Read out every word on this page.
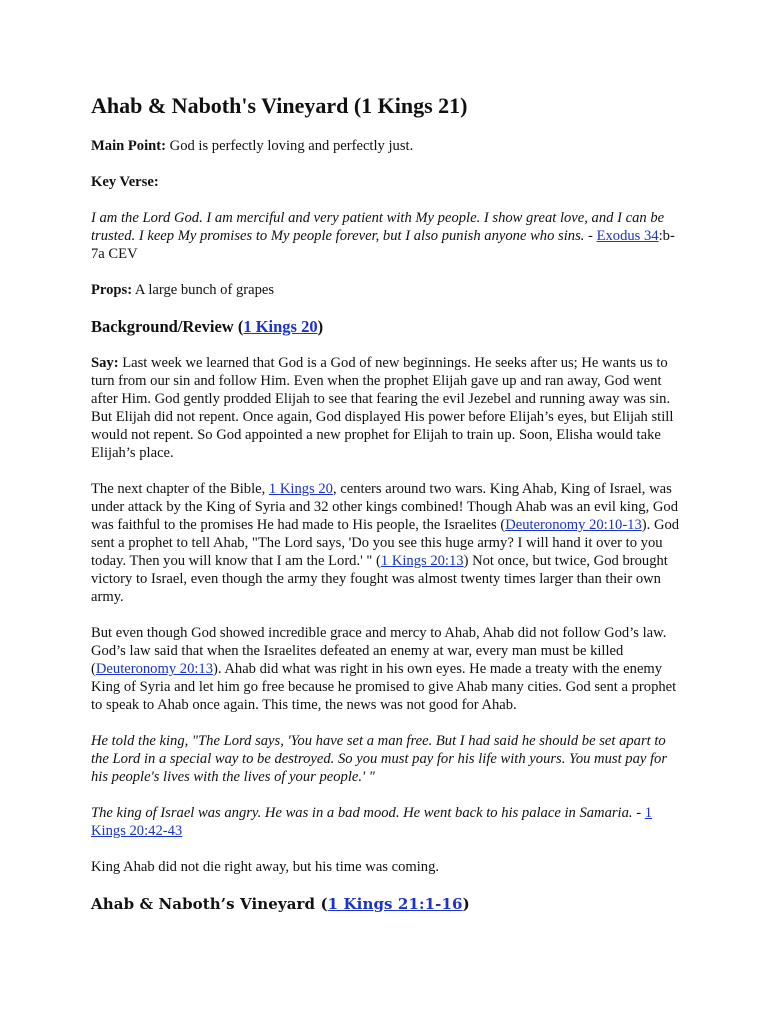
Ahab & Naboth's Vineyard (1 Kings 21)

Main Point: God is perfectly loving and perfectly just.

Key Verse:

I am the Lord God. I am merciful and very patient with My people. I show great love, and I can be trusted. I keep My promises to My people forever, but I also punish anyone who sins. - Exodus 34:b-7a CEV

Props: A large bunch of grapes

Background/Review (1 Kings 20)

Say: Last week we learned that God is a God of new beginnings. He seeks after us; He wants us to turn from our sin and follow Him. Even when the prophet Elijah gave up and ran away, God went after Him. God gently prodded Elijah to see that fearing the evil Jezebel and running away was sin. But Elijah did not repent. Once again, God displayed His power before Elijah’s eyes, but Elijah still would not repent. So God appointed a new prophet for Elijah to train up. Soon, Elisha would take Elijah’s place.

The next chapter of the Bible, 1 Kings 20, centers around two wars. King Ahab, King of Israel, was under attack by the King of Syria and 32 other kings combined! Though Ahab was an evil king, God was faithful to the promises He had made to His people, the Israelites (Deuteronomy 20:10-13). God sent a prophet to tell Ahab, "The Lord says, 'Do you see this huge army? I will hand it over to you today. Then you will know that I am the Lord.' " (1 Kings 20:13) Not once, but twice, God brought victory to Israel, even though the army they fought was almost twenty times larger than their own army.

But even though God showed incredible grace and mercy to Ahab, Ahab did not follow God’s law. God’s law said that when the Israelites defeated an enemy at war, every man must be killed (Deuteronomy 20:13). Ahab did what was right in his own eyes. He made a treaty with the enemy King of Syria and let him go free because he promised to give Ahab many cities. God sent a prophet to speak to Ahab once again. This time, the news was not good for Ahab.

He told the king, "The Lord says, 'You have set a man free. But I had said he should be set apart to the Lord in a special way to be destroyed. So you must pay for his life with yours. You must pay for his people's lives with the lives of your people.' "

The king of Israel was angry. He was in a bad mood. He went back to his palace in Samaria. - 1 Kings 20:42-43

King Ahab did not die right away, but his time was coming.

Ahab & Naboth’s Vineyard (1 Kings 21:1-16)
